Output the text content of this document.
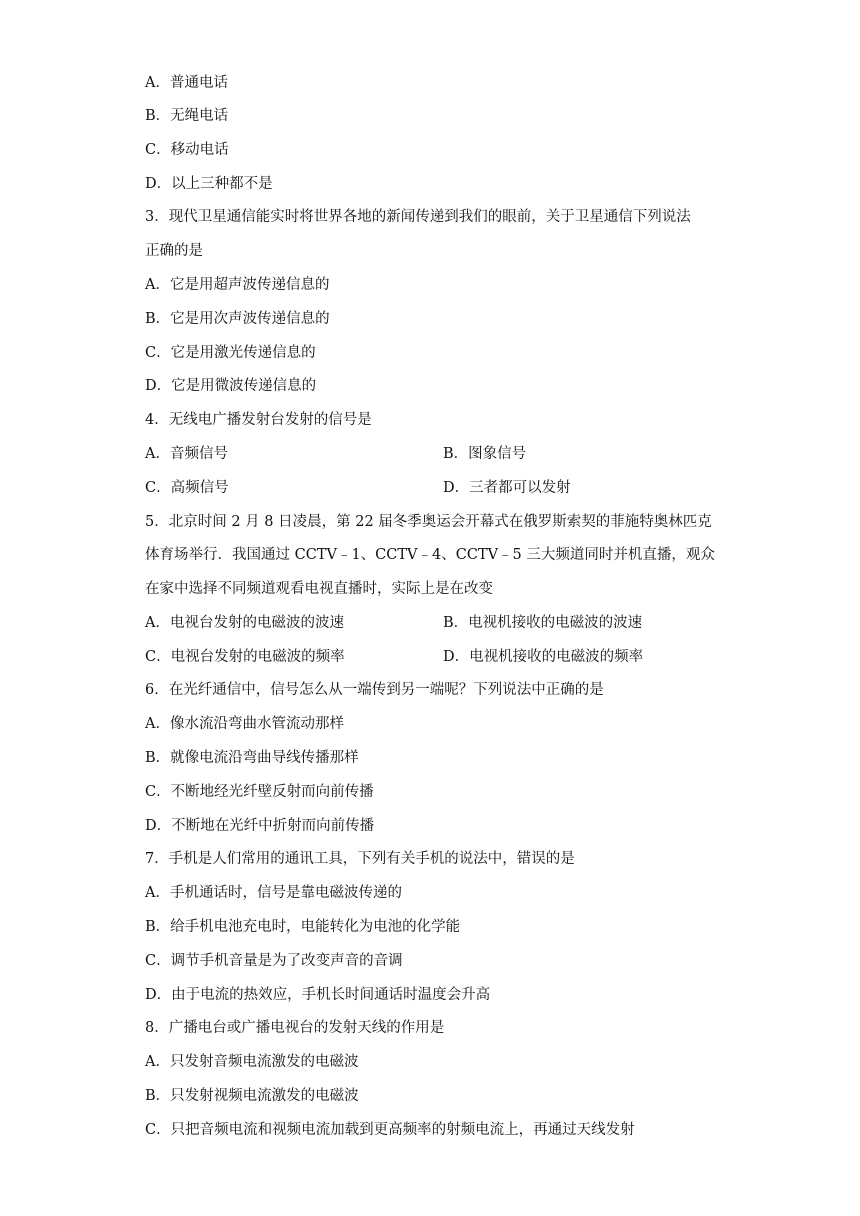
A．普通电话
B．无绳电话
C．移动电话
D．以上三种都不是
3．现代卫星通信能实时将世界各地的新闻传递到我们的眼前，关于卫星通信下列说法
正确的是
A．它是用超声波传递信息的
B．它是用次声波传递信息的
C．它是用激光传递信息的
D．它是用微波传递信息的
4．无线电广播发射台发射的信号是
A．音频信号	B．图象信号
C．高频信号	D．三者都可以发射
5．北京时间 2 月 8 日凌晨，第 22 届冬季奥运会开幕式在俄罗斯索契的菲施特奥林匹克
体育场举行．我国通过 CCTV﹣1、CCTV﹣4、CCTV﹣5 三大频道同时并机直播，观众
在家中选择不同频道观看电视直播时，实际上是在改变
A．电视台发射的电磁波的波速	B．电视机接收的电磁波的波速
C．电视台发射的电磁波的频率	D．电视机接收的电磁波的频率
6．在光纤通信中，信号怎么从一端传到另一端呢？下列说法中正确的是
A．像水流沿弯曲水管流动那样
B．就像电流沿弯曲导线传播那样
C．不断地经光纤壁反射而向前传播
D．不断地在光纤中折射而向前传播
7．手机是人们常用的通讯工具，下列有关手机的说法中，错误的是
A．手机通话时，信号是靠电磁波传递的
B．给手机电池充电时，电能转化为电池的化学能
C．调节手机音量是为了改变声音的音调
D．由于电流的热效应，手机长时间通话时温度会升高
8．广播电台或广播电视台的发射天线的作用是
A．只发射音频电流激发的电磁波
B．只发射视频电流激发的电磁波
C．只把音频电流和视频电流加载到更高频率的射频电流上，再通过天线发射
